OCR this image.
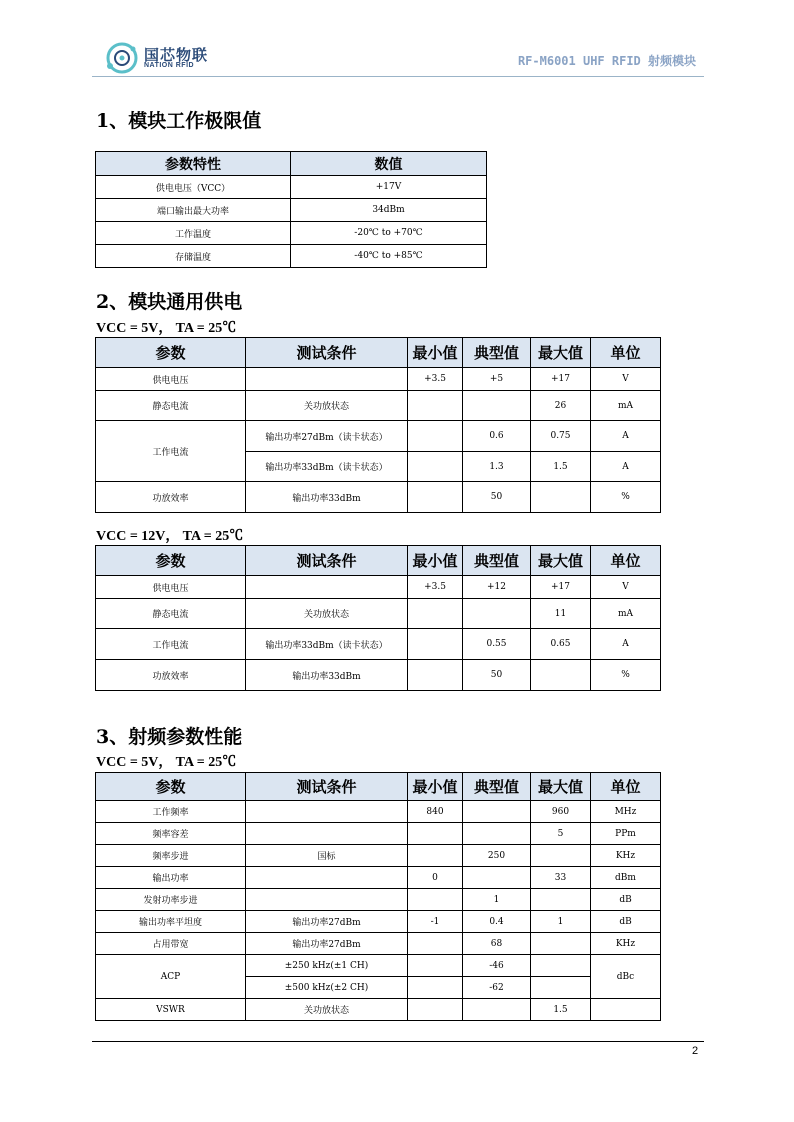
国芯物联
NATION RFID	RF-M6001 UHF RFID 射频模块
1、模块工作极限值
参数特性	数值
供电电压（VCC）	+17V
端口输出最大功率	34dBm
工作温度	-20℃ to +70℃
存储温度	-40℃ to +85℃
2、模块通用供电
VCC = 5V， TA = 25℃
参数	测试条件	最小值	典型值	最大值	单位
供电电压		+3.5	+5	+17	V
静态电流	关功放状态			26	mA
工作电流	输出功率27dBm（读卡状态）		0.6	0.75	A
	输出功率33dBm（读卡状态）		1.3	1.5	A
功放效率	输出功率33dBm		50		%
VCC = 12V， TA = 25℃
参数	测试条件	最小值	典型值	最大值	单位
供电电压		+3.5	+12	+17	V
静态电流	关功放状态			11	mA
工作电流	输出功率33dBm（读卡状态）		0.55	0.65	A
功放效率	输出功率33dBm		50		%
3、射频参数性能
VCC = 5V， TA = 25℃
参数	测试条件	最小值	典型值	最大值	单位
工作频率		840		960	MHz
频率容差				5	PPm
频率步进	国标		250		KHz
输出功率		0		33	dBm
发射功率步进			1		dB
输出功率平坦度	输出功率27dBm	-1	0.4	1	dB
占用带宽	输出功率27dBm		68		KHz
ACP	±250 kHz(±1 CH)		-46		dBc
	±500 kHz(±2 CH)		-62		
VSWR	关功放状态			1.5	
2
